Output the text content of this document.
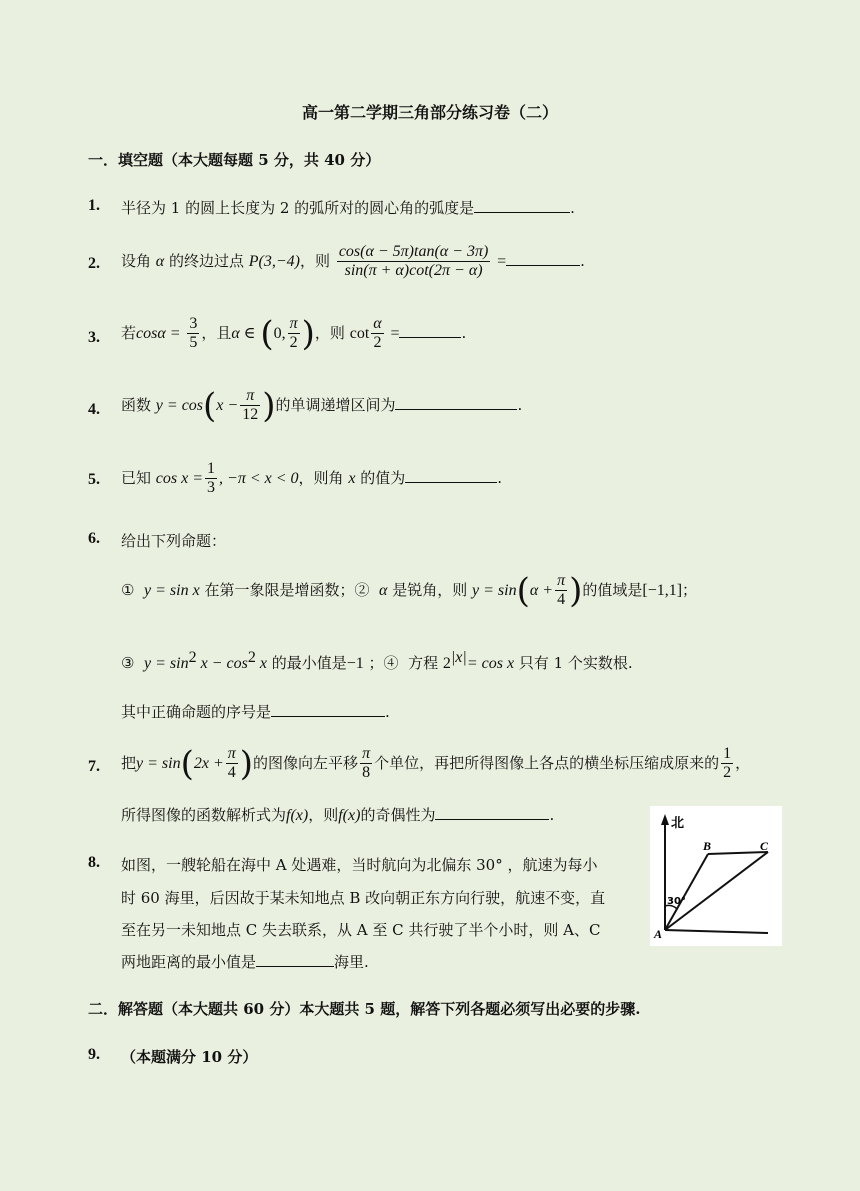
高一第二学期三角部分练习卷（二）
一．填空题（本大题每题 5 分，共 40 分）
1. 半径为 1 的圆上长度为 2 的弧所对的圆心角的弧度是	.
2. 设角 α 的终边过点 P(3,−4)，则 $\frac{\cos(\alpha - 5\pi)\tan(\alpha - 3\pi)}{\sin(\pi + \alpha)\cot(2\pi - \alpha)}$ =	.
3. 若$\cos\alpha = \frac{3}{5}$ ，且α ∈ (0, $\frac{\pi}{2}$ )，则 $\cot \frac{\alpha}{2}$ =	.
4. 函数 $y = \cos(x - \frac{\pi}{12}$ )的单调递增区间为	.
5. 已知 $\cos x = \frac{1}{3}$ , −π < x < 0，则角 x 的值为	.
6. 给出下列命题：
① y = sin x 在第一象限是增函数；② α 是锐角，则 $y = \sin(\alpha + \frac{\pi}{4}$ )的值域是[−1,1]；
③ $y = \sin^2 x - \cos^2 x$ 的最小值是−1 ；④ 方程 $2^{|x|}= \cos x$ 只有 1 个实数根.
其中正确命题的序号是	.
7. 把$y = \sin(2x + \frac{\pi}{4}$ )的图像向左平移 $\frac{\pi}{8}$ 个单位，再把所得图像上各点的横坐标压缩成原来的 $\frac{1}{2}$ ，
所得图像的函数解析式为f(x)，则f(x)的奇偶性为	.
8. 如图，一艘轮船在海中 A 处遇难，当时航向为北偏东 30° ，航速为每小
时 60 海里，后因故于某未知地点 B 改向朝正东方向行驶，航速不变，直
至在另一未知地点 C 失去联系，从 A 至 C 共行驶了半个小时，则 A、C
两地距离的最小值是	海里.
北
30°
B	C
A
二．解答题（本大题共 60 分）本大题共 5 题，解答下列各题必须写出必要的步骤.
9. （本题满分 10 分）
